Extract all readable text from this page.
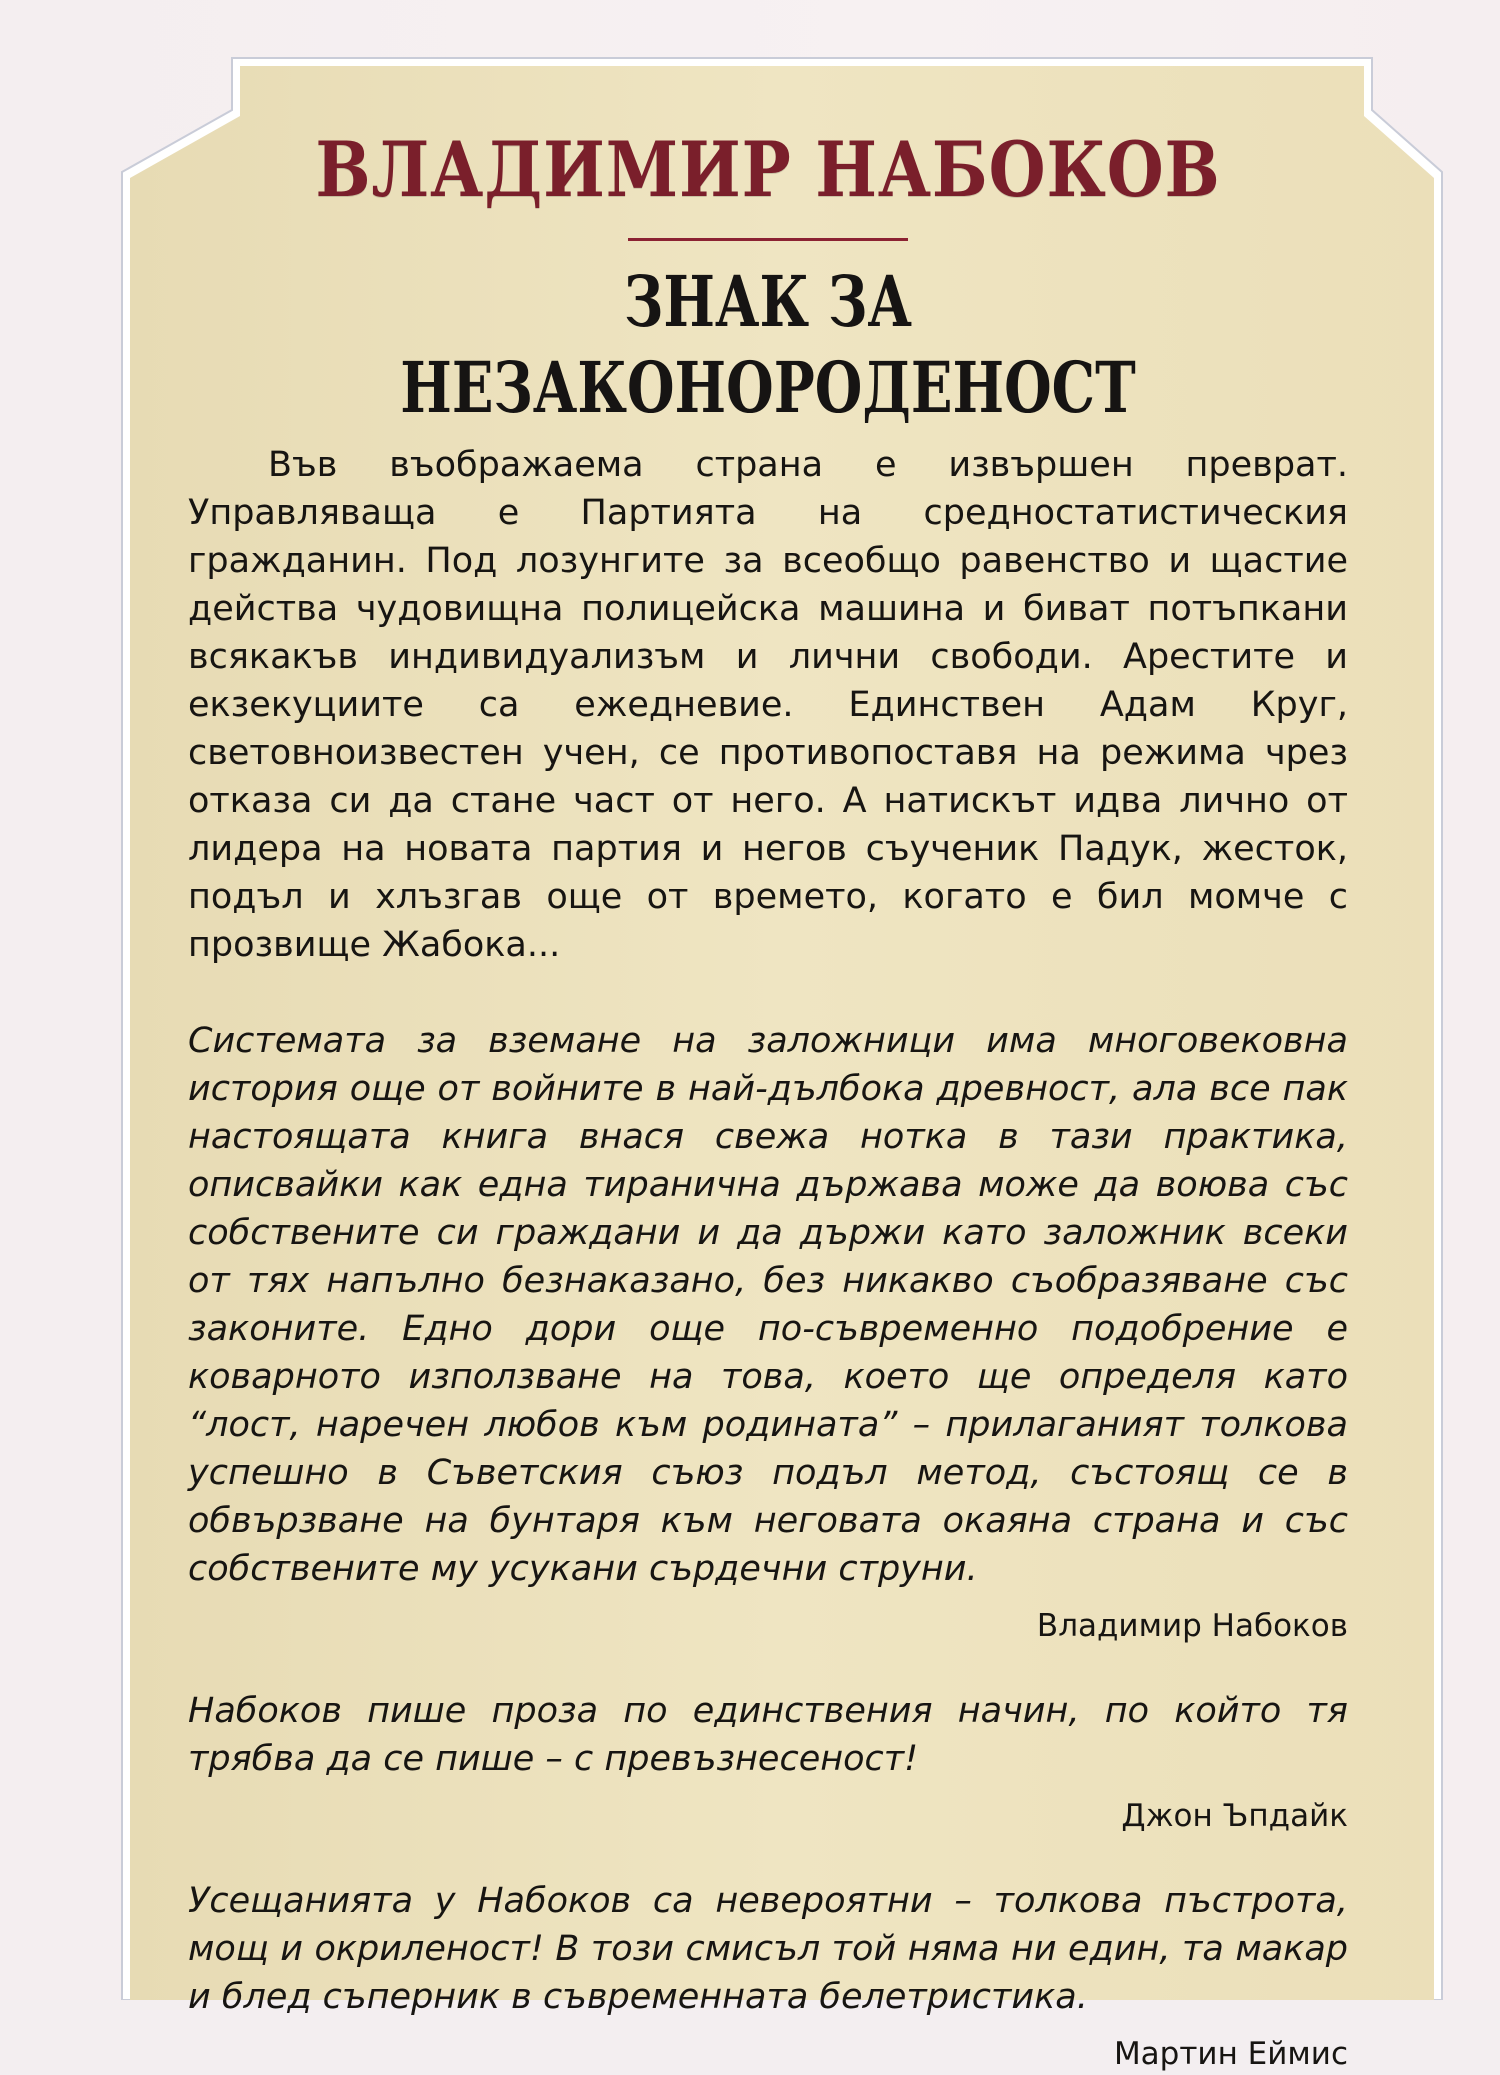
ВЛАДИМИР НАБОКОВ
ЗНАК ЗА НЕЗАКОНОРОДЕНОСТ

Във въображаема страна е извършен преврат. Управляваща е Партията на средностатистическия гражданин. Под лозунгите за всеобщо равенство и щастие действа чудовищна полицейска машина и биват потъпкани всякакъв индивидуализъм и лични свободи. Арестите и екзекуциите са ежедневие. Единствен Адам Круг, световноизвестен учен, се противопоставя на режима чрез отказа си да стане част от него. А натискът идва лично от лидера на новата партия и негов съученик Падук, жесток, подъл и хлъзгав още от времето, когато е бил момче с прозвище Жабока...

Системата за вземане на заложници има многовековна история още от войните в най-дълбока древност, ала все пак настоящата книга внася свежа нотка в тази практика, описвайки как една тиранична държава може да воюва със собствените си граждани и да държи като заложник всеки от тях напълно безнаказано, без никакво съобразяване със законите. Едно дори още по-съвременно подобрение е коварното използване на това, което ще определя като “лост, наречен любов към родината” – прилаганият толкова успешно в Съветския съюз подъл метод, състоящ се в обвързване на бунтаря към неговата окаяна страна и със собствените му усукани сърдечни струни.

Владимир Набоков

Набоков пише проза по единствения начин, по който тя трябва да се пише – с превъзнесеност!

Джон Ъпдайк

Усещанията у Набоков са невероятни – толкова пъстрота, мощ и окриленост! В този смисъл той няма ни един, та макар и блед съперник в съвременната белетристика.

Мартин Еймис
